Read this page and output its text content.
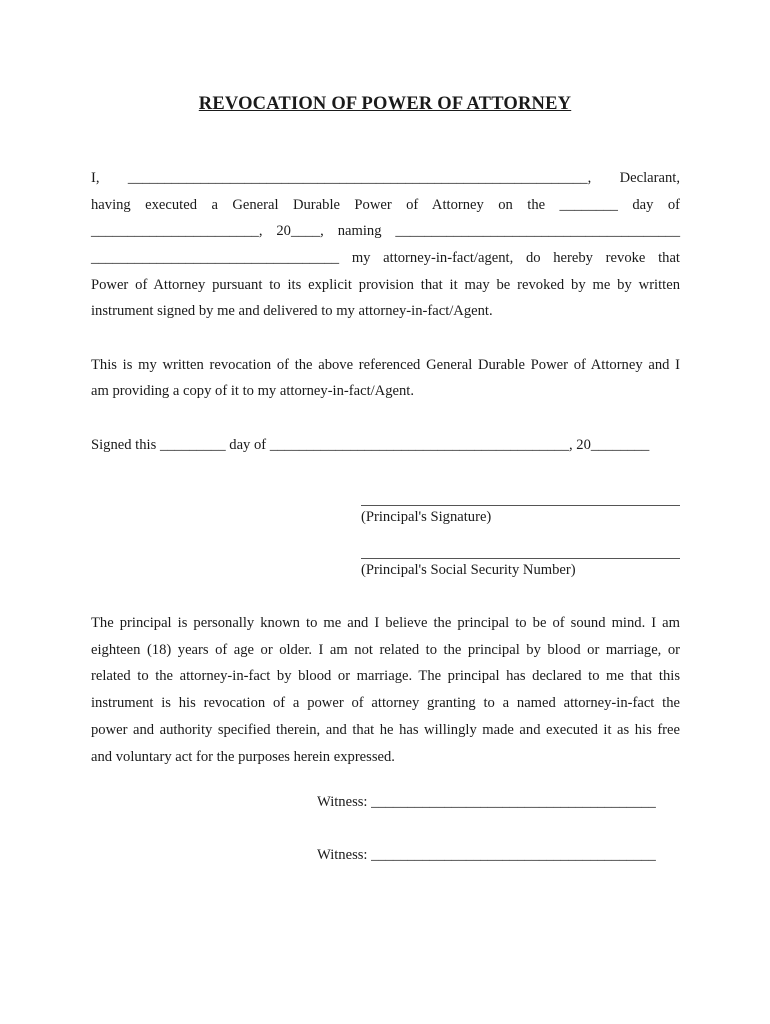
REVOCATION OF POWER OF ATTORNEY
I, _______________________________________________________________, Declarant,
having executed a General Durable Power of Attorney on the ________ day of
_______________________, 20____, naming _______________________________________
__________________________________ my attorney-in-fact/agent, do hereby revoke that
Power of Attorney pursuant to its explicit provision that it may be revoked by me by written
instrument signed by me and delivered to my attorney-in-fact/Agent.
This is my written revocation of the above referenced General Durable Power of Attorney and I
am providing a copy of it to my attorney-in-fact/Agent.
Signed this _________ day of _________________________________________, 20________
(Principal's Signature)
(Principal's Social Security Number)
The principal is personally known to me and I believe the principal to be of sound mind. I am
eighteen (18) years of age or older. I am not related to the principal by blood or marriage, or
related to the attorney-in-fact by blood or marriage. The principal has declared to me that this
instrument is his revocation of a power of attorney granting to a named attorney-in-fact the
power and authority specified therein, and that he has willingly made and executed it as his free
and voluntary act for the purposes herein expressed.
Witness: _______________________________________
Witness: _______________________________________
